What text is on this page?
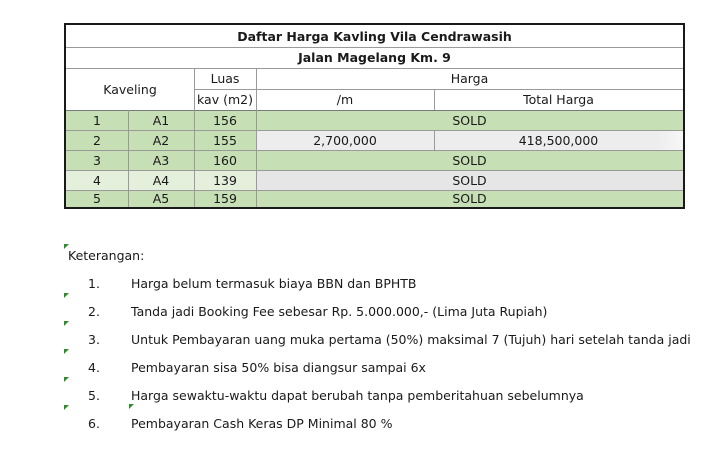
Daftar Harga Kavling Vila Cendrawasih
Jalan Magelang Km. 9
Kaveling
Luas
kav (m2)
Harga
/m	Total Harga
1	A1	156	SOLD
2	A2	155	2,700,000	418,500,000
3	A3	160	SOLD
4	A4	139	SOLD
5	A5	159	SOLD
Keterangan:
1.	Harga belum termasuk biaya BBN dan BPHTB
2.	Tanda jadi Booking Fee sebesar Rp. 5.000.000,- (Lima Juta Rupiah)
3.	Untuk Pembayaran uang muka pertama (50%) maksimal 7 (Tujuh) hari setelah tanda jadi
4.	Pembayaran sisa 50% bisa diangsur sampai 6x
5.	Harga sewaktu-waktu dapat berubah tanpa pemberitahuan sebelumnya
6.	Pembayaran Cash Keras DP Minimal 80 %
